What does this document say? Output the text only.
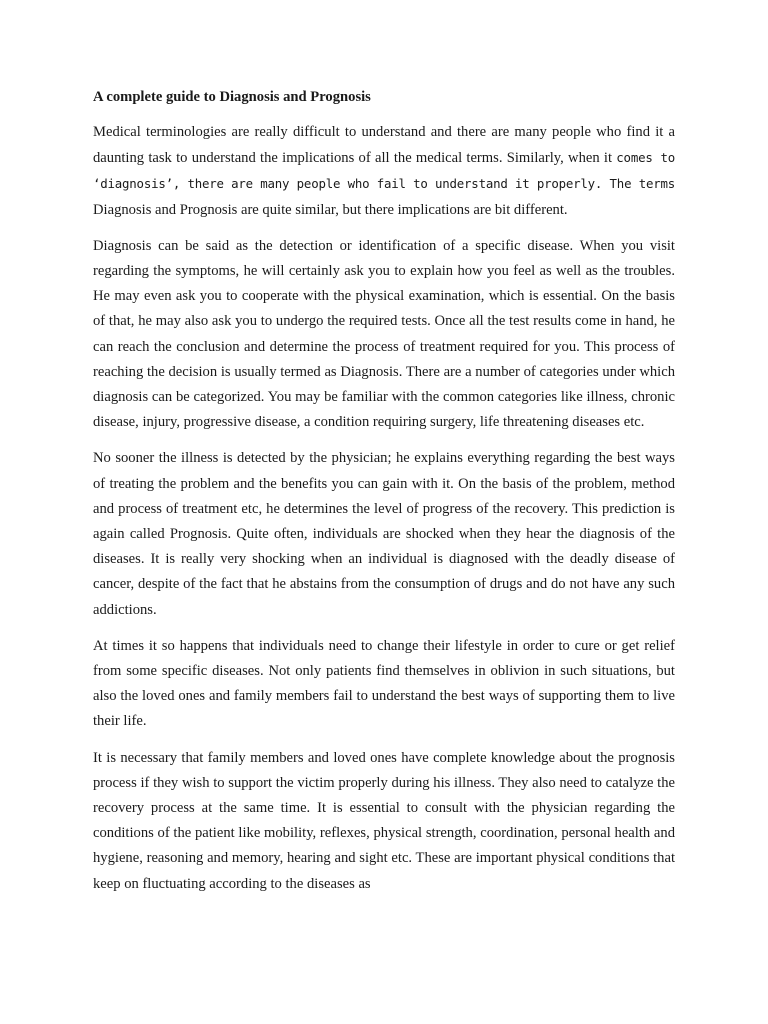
A complete guide to Diagnosis and Prognosis

Medical terminologies are really difficult to understand and there are many people who find it a daunting task to understand the implications of all the medical terms. Similarly, when it comes to ‘diagnosis’, there are many people who fail to understand it properly. The terms Diagnosis and Prognosis are quite similar, but there implications are bit different.

Diagnosis can be said as the detection or identification of a specific disease. When you visit regarding the symptoms, he will certainly ask you to explain how you feel as well as the troubles. He may even ask you to cooperate with the physical examination, which is essential. On the basis of that, he may also ask you to undergo the required tests. Once all the test results come in hand, he can reach the conclusion and determine the process of treatment required for you. This process of reaching the decision is usually termed as Diagnosis. There are a number of categories under which diagnosis can be categorized. You may be familiar with the common categories like illness, chronic disease, injury, progressive disease, a condition requiring surgery, life threatening diseases etc.

No sooner the illness is detected by the physician; he explains everything regarding the best ways of treating the problem and the benefits you can gain with it. On the basis of the problem, method and process of treatment etc, he determines the level of progress of the recovery. This prediction is again called Prognosis. Quite often, individuals are shocked when they hear the diagnosis of the diseases. It is really very shocking when an individual is diagnosed with the deadly disease of cancer, despite of the fact that he abstains from the consumption of drugs and do not have any such addictions.

At times it so happens that individuals need to change their lifestyle in order to cure or get relief from some specific diseases. Not only patients find themselves in oblivion in such situations, but also the loved ones and family members fail to understand the best ways of supporting them to live their life.

It is necessary that family members and loved ones have complete knowledge about the prognosis process if they wish to support the victim properly during his illness. They also need to catalyze the recovery process at the same time. It is essential to consult with the physician regarding the conditions of the patient like mobility, reflexes, physical strength, coordination, personal health and hygiene, reasoning and memory, hearing and sight etc. These are important physical conditions that keep on fluctuating according to the diseases as
